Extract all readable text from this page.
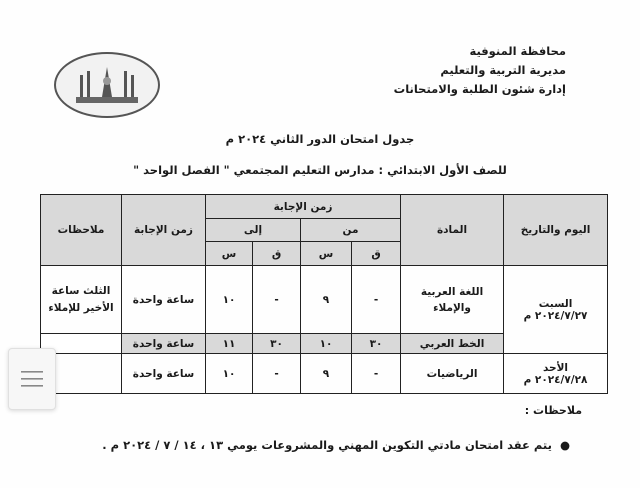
محافظة المنوفية
مديرية التربية والتعليم
إدارة شئون الطلبة والامتحانات
جدول امتحان الدور الثاني ٢٠٢٤ م
للصف الأول الابتدائي : مدارس التعليم المجتمعي " الفصل الواحد "
اليوم والتاريخ	المادة	زمن الإجابة				زمن الإجابة	ملاحظات
		من		إلى			
		ق	س	ق	س		

السبت
٢٠٢٤/٧/٢٧ م	اللغة العربية والإملاء	-	٩	-	١٠	ساعة واحدة	الثلث ساعة الأخير للإملاء
	الخط العربي	٣٠	١٠	٣٠	١١	ساعة واحدة	

الأحد
٢٠٢٤/٧/٢٨ م	الرياضيات	-	٩	-	١٠	ساعة واحدة	
ملاحظات :
●يتم عقد امتحان مادتي التكوين المهني والمشروعات يومي ١٣ ، ١٤ / ٧ / ٢٠٢٤ م .
